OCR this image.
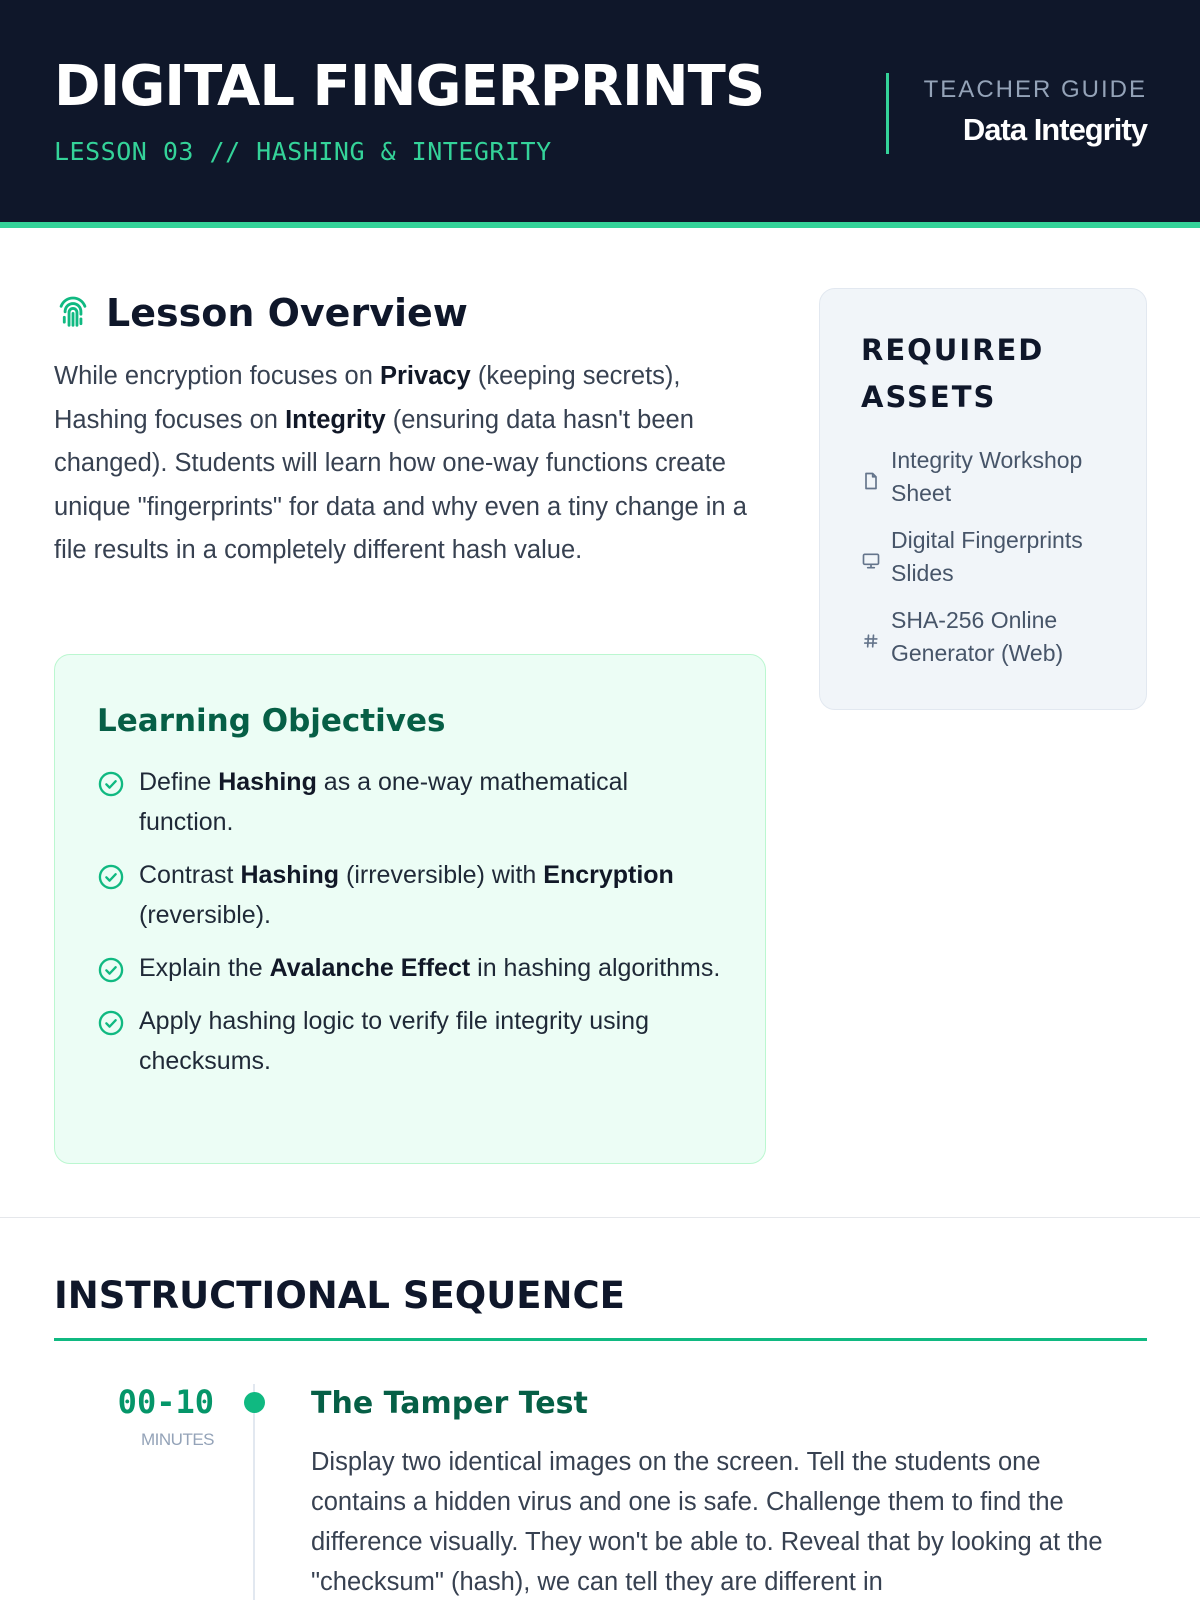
DIGITAL FINGERPRINTS
LESSON 03 // HASHING & INTEGRITY
TEACHER GUIDE
Data Integrity
Lesson Overview

While encryption focuses on Privacy (keeping secrets), Hashing focuses on Integrity (ensuring data hasn't been changed). Students will learn how one-way functions create unique "fingerprints" for data and why even a tiny change in a file results in a completely different hash value.

Learning Objectives
Define Hashing as a one-way mathematical function.
Contrast Hashing (irreversible) with Encryption (reversible).
Explain the Avalanche Effect in hashing algorithms.
Apply hashing logic to verify file integrity using checksums.
REQUIRED ASSETS
Integrity Workshop Sheet
Digital Fingerprints Slides
SHA-256 Online Generator (Web)
INSTRUCTIONAL SEQUENCE
00-10
MINUTES
The Tamper Test

Display two identical images on the screen. Tell the students one contains a hidden virus and one is safe. Challenge them to find the difference visually. They won't be able to. Reveal that by looking at the "checksum" (hash), we can tell they are different in
